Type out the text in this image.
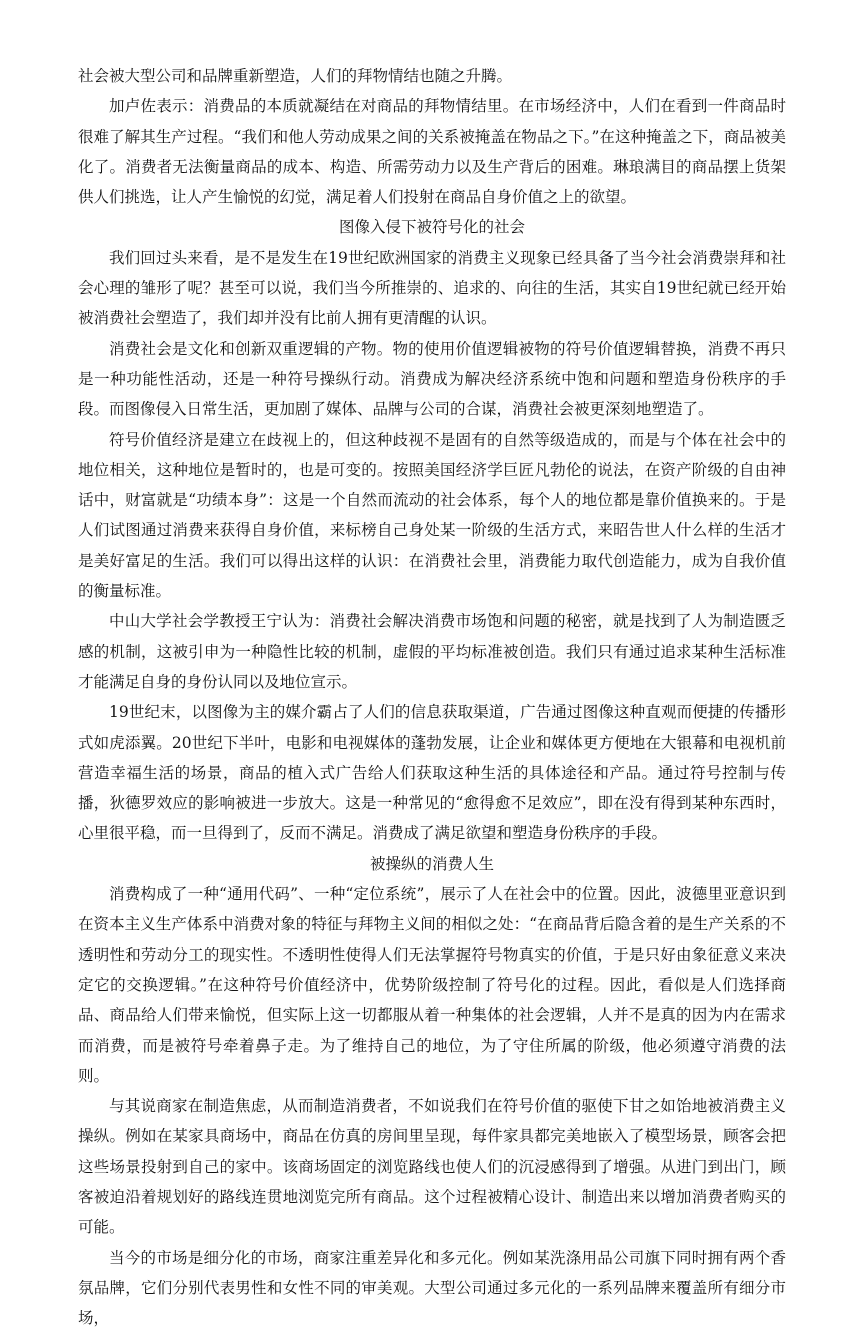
社会被大型公司和品牌重新塑造，人们的拜物情结也随之升腾。

加卢佐表示：消费品的本质就凝结在对商品的拜物情结里。在市场经济中，人们在看到一件商品时很难了解其生产过程。“我们和他人劳动成果之间的关系被掩盖在物品之下。”在这种掩盖之下，商品被美化了。消费者无法衡量商品的成本、构造、所需劳动力以及生产背后的困难。琳琅满目的商品摆上货架供人们挑选，让人产生愉悦的幻觉，满足着人们投射在商品自身价值之上的欲望。

图像入侵下被符号化的社会

我们回过头来看，是不是发生在19世纪欧洲国家的消费主义现象已经具备了当今社会消费崇拜和社会心理的雏形了呢？甚至可以说，我们当今所推崇的、追求的、向往的生活，其实自19世纪就已经开始被消费社会塑造了，我们却并没有比前人拥有更清醒的认识。

消费社会是文化和创新双重逻辑的产物。物的使用价值逻辑被物的符号价值逻辑替换，消费不再只是一种功能性活动，还是一种符号操纵行动。消费成为解决经济系统中饱和问题和塑造身份秩序的手段。而图像侵入日常生活，更加剧了媒体、品牌与公司的合谋，消费社会被更深刻地塑造了。

符号价值经济是建立在歧视上的，但这种歧视不是固有的自然等级造成的，而是与个体在社会中的地位相关，这种地位是暂时的，也是可变的。按照美国经济学巨匠凡勃伦的说法，在资产阶级的自由神话中，财富就是“功绩本身”：这是一个自然而流动的社会体系，每个人的地位都是靠价值换来的。于是人们试图通过消费来获得自身价值，来标榜自己身处某一阶级的生活方式，来昭告世人什么样的生活才是美好富足的生活。我们可以得出这样的认识：在消费社会里，消费能力取代创造能力，成为自我价值的衡量标准。

中山大学社会学教授王宁认为：消费社会解决消费市场饱和问题的秘密，就是找到了人为制造匮乏感的机制，这被引申为一种隐性比较的机制，虚假的平均标准被创造。我们只有通过追求某种生活标准才能满足自身的身份认同以及地位宣示。

19世纪末，以图像为主的媒介霸占了人们的信息获取渠道，广告通过图像这种直观而便捷的传播形式如虎添翼。20世纪下半叶，电影和电视媒体的蓬勃发展，让企业和媒体更方便地在大银幕和电视机前营造幸福生活的场景，商品的植入式广告给人们获取这种生活的具体途径和产品。通过符号控制与传播，狄德罗效应的影响被进一步放大。这是一种常见的“愈得愈不足效应”，即在没有得到某种东西时，心里很平稳，而一旦得到了，反而不满足。消费成了满足欲望和塑造身份秩序的手段。

被操纵的消费人生

消费构成了一种“通用代码”、一种“定位系统”，展示了人在社会中的位置。因此，波德里亚意识到在资本主义生产体系中消费对象的特征与拜物主义间的相似之处：“在商品背后隐含着的是生产关系的不透明性和劳动分工的现实性。不透明性使得人们无法掌握符号物真实的价值，于是只好由象征意义来决定它的交换逻辑。”在这种符号价值经济中，优势阶级控制了符号化的过程。因此，看似是人们选择商品、商品给人们带来愉悦，但实际上这一切都服从着一种集体的社会逻辑，人并不是真的因为内在需求而消费，而是被符号牵着鼻子走。为了维持自己的地位，为了守住所属的阶级，他必须遵守消费的法则。

与其说商家在制造焦虑，从而制造消费者，不如说我们在符号价值的驱使下甘之如饴地被消费主义操纵。例如在某家具商场中，商品在仿真的房间里呈现，每件家具都完美地嵌入了模型场景，顾客会把这些场景投射到自己的家中。该商场固定的浏览路线也使人们的沉浸感得到了增强。从进门到出门，顾客被迫沿着规划好的路线连贯地浏览完所有商品。这个过程被精心设计、制造出来以增加消费者购买的可能。

当今的市场是细分化的市场，商家注重差异化和多元化。例如某洗涤用品公司旗下同时拥有两个香氛品牌，它们分别代表男性和女性不同的审美观。大型公司通过多元化的一系列品牌来覆盖所有细分市场，
